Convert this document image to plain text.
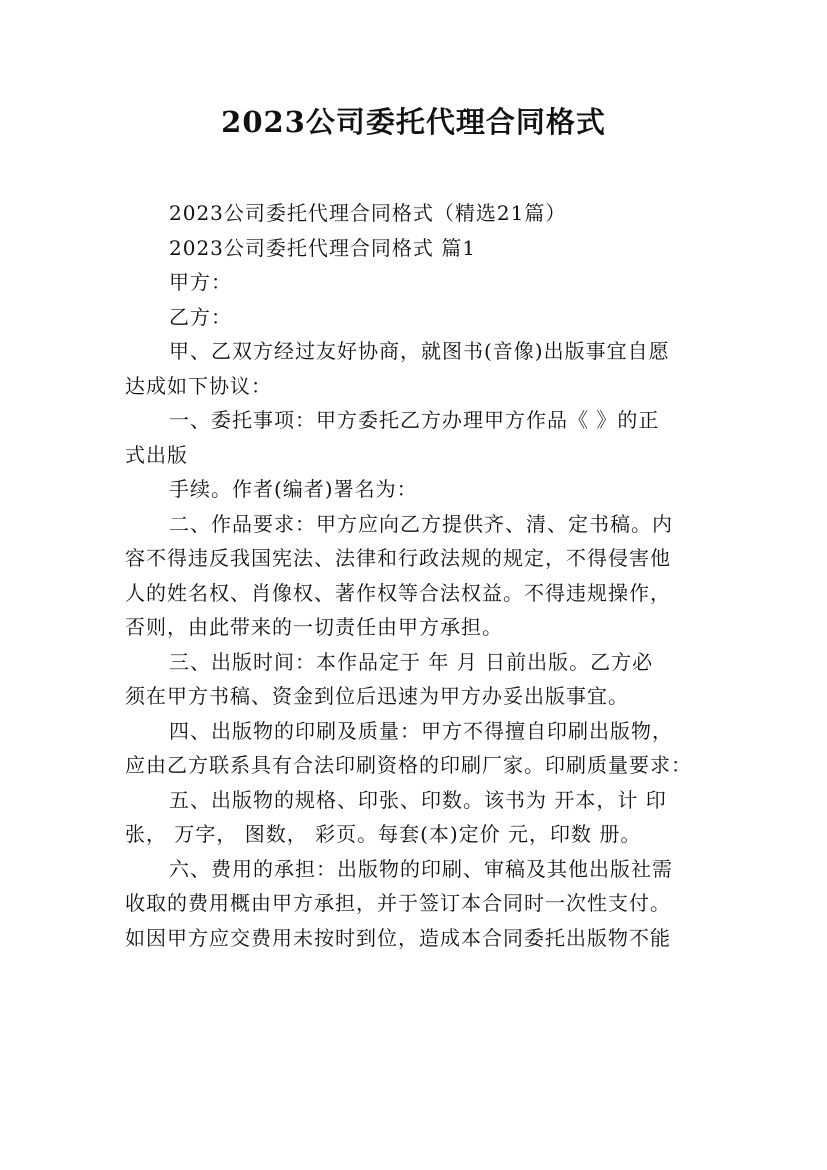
2023公司委托代理合同格式

2023公司委托代理合同格式（精选21篇）

2023公司委托代理合同格式 篇1

甲方：

乙方：

甲、乙双方经过友好协商，就图书(音像)出版事宜自愿

达成如下协议：

一、委托事项：甲方委托乙方办理甲方作品《 》的正

式出版

手续。作者(编者)署名为：

二、作品要求：甲方应向乙方提供齐、清、定书稿。内

容不得违反我国宪法、法律和行政法规的规定，不得侵害他

人的姓名权、肖像权、著作权等合法权益。不得违规操作，

否则，由此带来的一切责任由甲方承担。

三、出版时间：本作品定于 年 月 日前出版。乙方必

须在甲方书稿、资金到位后迅速为甲方办妥出版事宜。

四、出版物的印刷及质量：甲方不得擅自印刷出版物，

应由乙方联系具有合法印刷资格的印刷厂家。印刷质量要求：

五、出版物的规格、印张、印数。该书为 开本，计 印

张， 万字， 图数， 彩页。每套(本)定价 元，印数 册。

六、费用的承担：出版物的印刷、审稿及其他出版社需

收取的费用概由甲方承担，并于签订本合同时一次性支付。

如因甲方应交费用未按时到位，造成本合同委托出版物不能
